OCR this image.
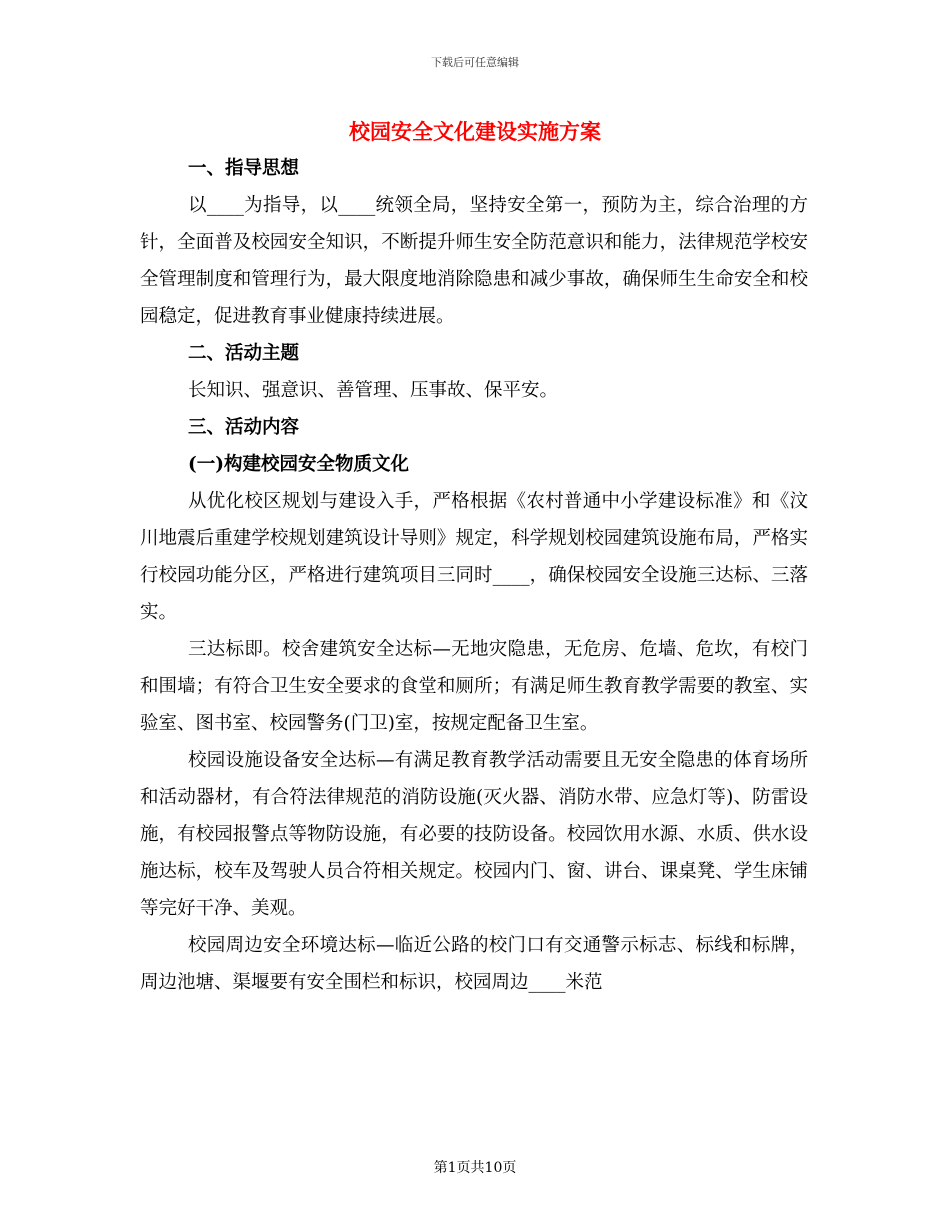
下载后可任意编辑
校园安全文化建设实施方案

一、指导思想

以____为指导，以____统领全局，坚持安全第一，预防为主，综合治理的方针，全面普及校园安全知识，不断提升师生安全防范意识和能力，法律规范学校安全管理制度和管理行为，最大限度地消除隐患和减少事故，确保师生生命安全和校园稳定，促进教育事业健康持续进展。

二、活动主题

长知识、强意识、善管理、压事故、保平安。

三、活动内容

(一)构建校园安全物质文化

从优化校区规划与建设入手，严格根据《农村普通中小学建设标准》和《汶川地震后重建学校规划建筑设计导则》规定，科学规划校园建筑设施布局，严格实行校园功能分区，严格进行建筑项目三同时____，确保校园安全设施三达标、三落实。

三达标即。校舍建筑安全达标—无地灾隐患，无危房、危墙、危坎，有校门和围墙；有符合卫生安全要求的食堂和厕所；有满足师生教育教学需要的教室、实验室、图书室、校园警务(门卫)室，按规定配备卫生室。

校园设施设备安全达标—有满足教育教学活动需要且无安全隐患的体育场所和活动器材，有合符法律规范的消防设施(灭火器、消防水带、应急灯等)、防雷设施，有校园报警点等物防设施，有必要的技防设备。校园饮用水源、水质、供水设施达标，校车及驾驶人员合符相关规定。校园内门、窗、讲台、课桌凳、学生床铺等完好干净、美观。

校园周边安全环境达标—临近公路的校门口有交通警示标志、标线和标牌，周边池塘、渠堰要有安全围栏和标识，校园周边____米范

第1页共10页
